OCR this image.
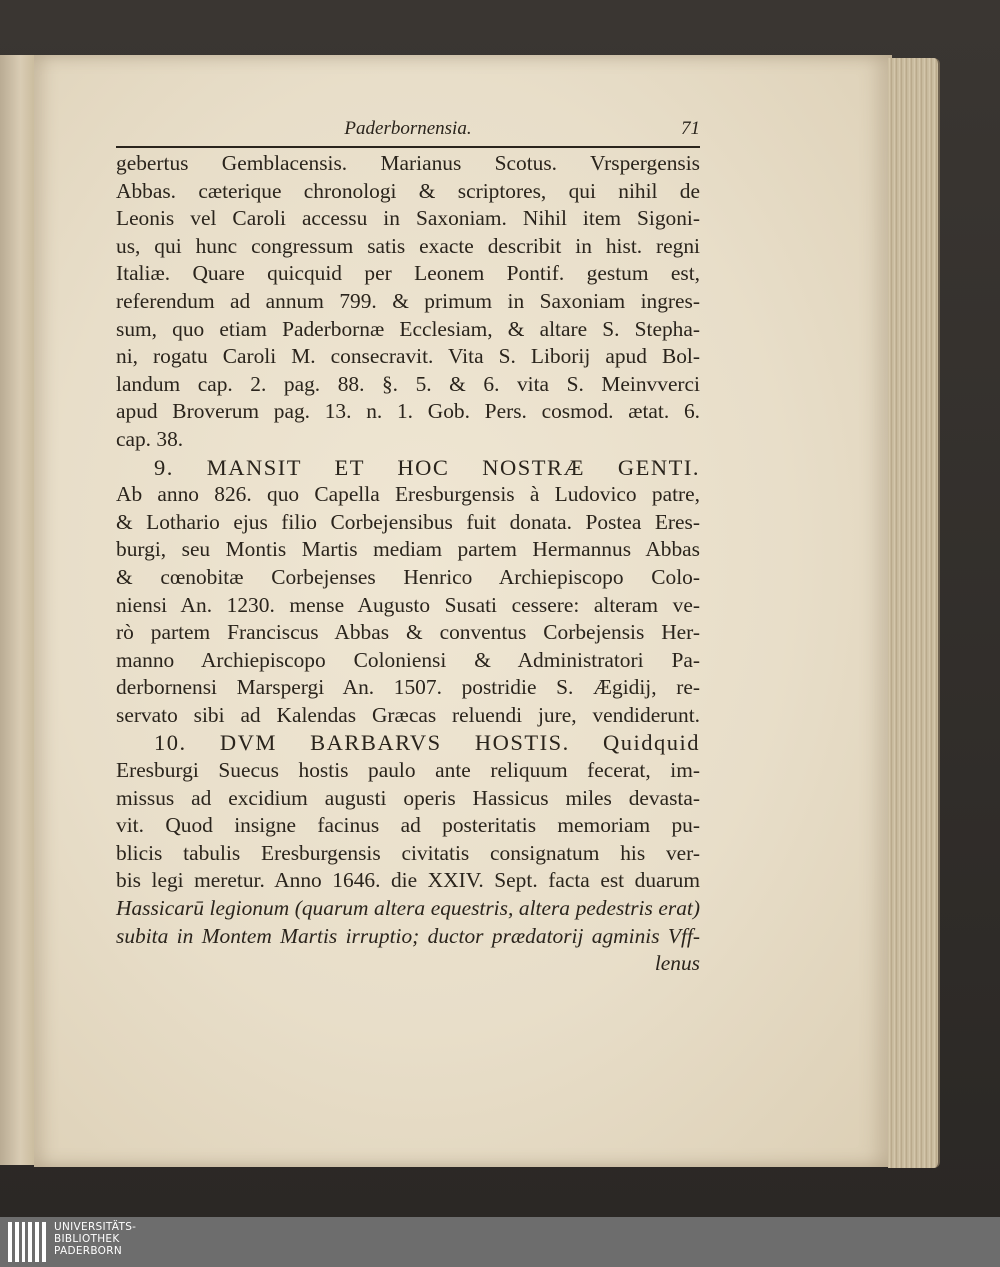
Paderbornensia.	71
gebertus Gemblacensis. Marianus Scotus. Vrspergensis
Abbas. cæterique chronologi & scriptores, qui nihil de
Leonis vel Caroli accessu in Saxoniam. Nihil item Sigoni-
us, qui hunc congressum satis exacte describit in hist. regni
Italiæ. Quare quicquid per Leonem Pontif. gestum est,
referendum ad annum 799. & primum in Saxoniam ingres-
sum, quo etiam Paderbornæ Ecclesiam, & altare S. Stepha-
ni, rogatu Caroli M. consecravit. Vita S. Liborij apud Bol-
landum cap. 2. pag. 88. §. 5. & 6. vita S. Meinvverci
apud Broverum pag. 13. n. 1. Gob. Pers. cosmod. ætat. 6.
cap. 38.
9. MANSIT ET HOC NOSTRÆ GENTI.
Ab anno 826. quo Capella Eresburgensis à Ludovico patre,
& Lothario ejus filio Corbejensibus fuit donata. Postea Eres-
burgi, seu Montis Martis mediam partem Hermannus Abbas
& cœnobitæ Corbejenses Henrico Archiepiscopo Colo-
niensi An. 1230. mense Augusto Susati cessere: alteram ve-
rò partem Franciscus Abbas & conventus Corbejensis Her-
manno Archiepiscopo Coloniensi & Administratori Pa-
derbornensi Marspergi An. 1507. postridie S. Ægidij, re-
servato sibi ad Kalendas Græcas reluendi jure, vendiderunt.
10. DVM BARBARVS HOSTIS. Quidquid
Eresburgi Suecus hostis paulo ante reliquum fecerat, im-
missus ad excidium augusti operis Hassicus miles devasta-
vit. Quod insigne facinus ad posteritatis memoriam pu-
blicis tabulis Eresburgensis civitatis consignatum his ver-
bis legi meretur. Anno 1646. die XXIV. Sept. facta est duarum
Hassicarū legionum (quarum altera equestris, altera pedestris erat)
subita in Montem Martis irruptio; ductor prædatorij agminis Vff-
lenus
UNIVERSITÄTS-
BIBLIOTHEK
PADERBORN
